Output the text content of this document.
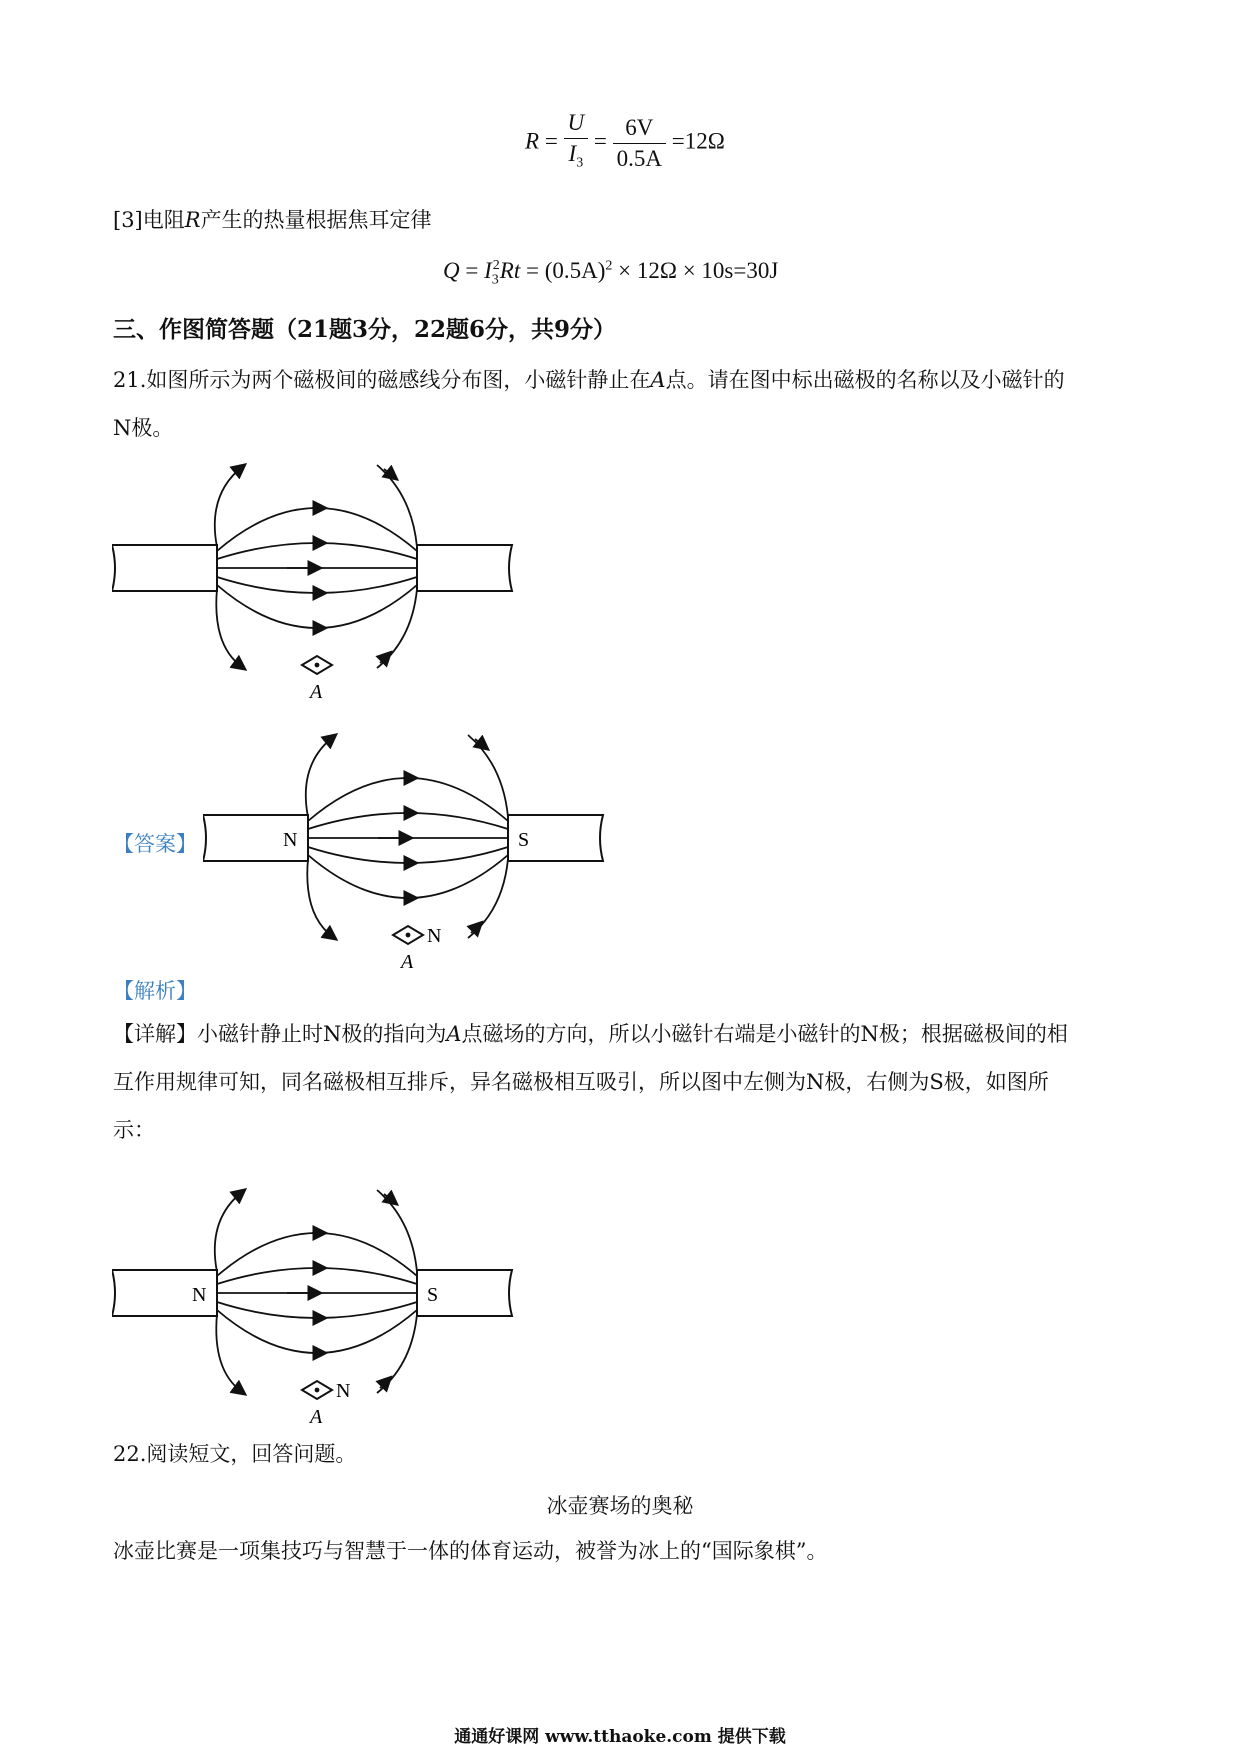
$R = \frac{U}{I_3} = \frac{6V}{0.5A} =12\Omega$
[3]电阻R产生的热量根据焦耳定律
$Q = I_3^2Rt = (0.5A)^2 \times 12\Omega \times 10s=30J$
三、作图简答题（21题3分，22题6分，共9分）
21.如图所示为两个磁极间的磁感线分布图，小磁针静止在A点。请在图中标出磁极的名称以及小磁针的
N极。
A
【答案】	N	S
N
A
【解析】
【详解】小磁针静止时N极的指向为A点磁场的方向，所以小磁针右端是小磁针的N极；根据磁极间的相
互作用规律可知，同名磁极相互排斥，异名磁极相互吸引，所以图中左侧为N极，右侧为S极，如图所
示：
N	S
N
A
22.阅读短文，回答问题。
冰壶赛场的奥秘
冰壶比赛是一项集技巧与智慧于一体的体育运动，被誉为冰上的“国际象棋”。
通通好课网 www.tthaoke.com 提供下载
